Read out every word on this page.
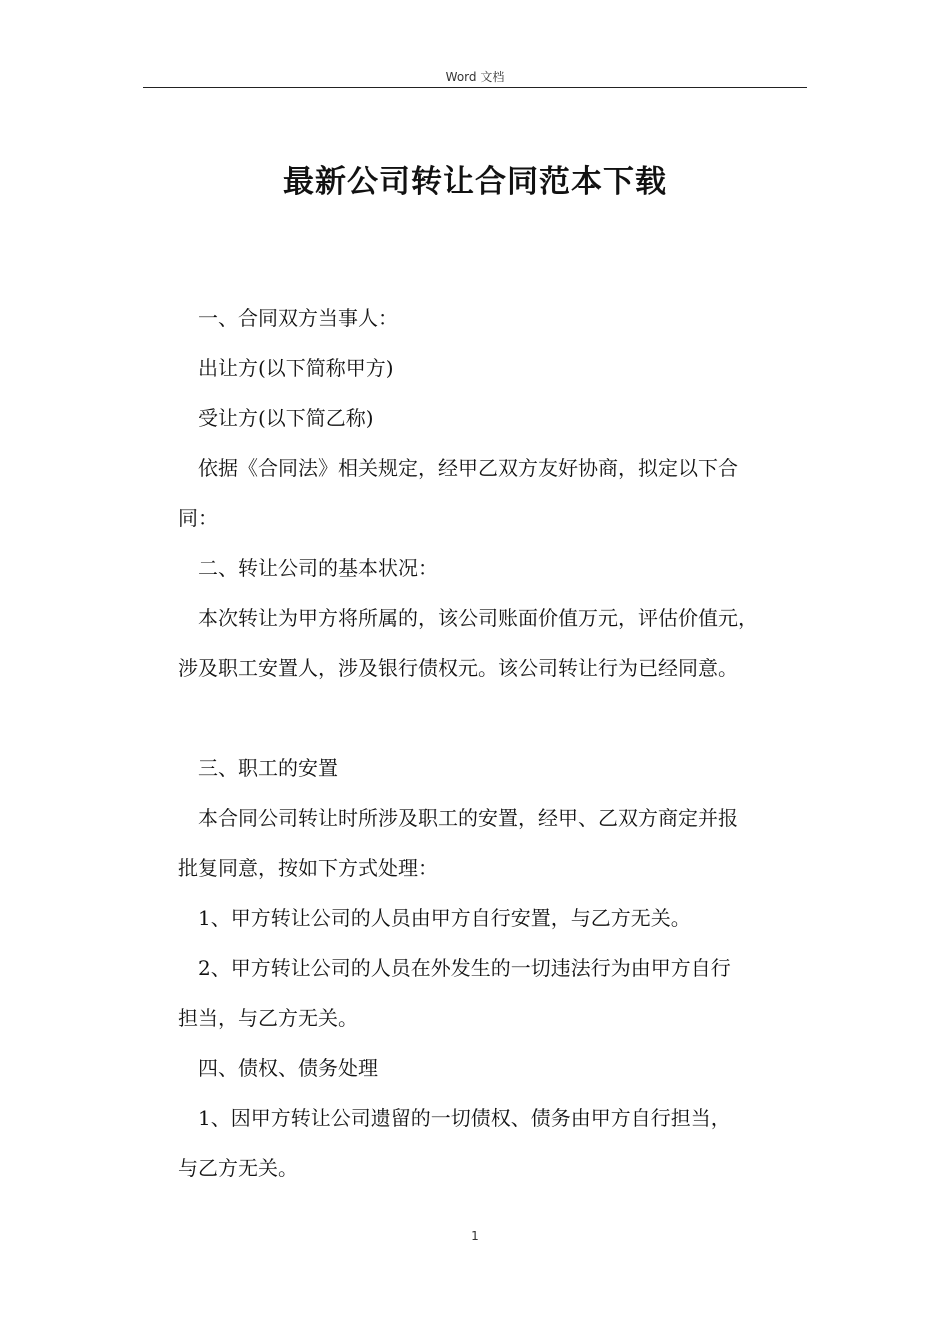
Word 文档
最新公司转让合同范本下载

一、合同双方当事人：

出让方(以下简称甲方)

受让方(以下简乙称)

依据《合同法》相关规定，经甲乙双方友好协商，拟定以下合

同：

二、转让公司的基本状况：

本次转让为甲方将所属的，该公司账面价值万元，评估价值元，

涉及职工安置人，涉及银行债权元。该公司转让行为已经同意。

三、职工的安置

本合同公司转让时所涉及职工的安置，经甲、乙双方商定并报

批复同意，按如下方式处理：

1、甲方转让公司的人员由甲方自行安置，与乙方无关。

2、甲方转让公司的人员在外发生的一切违法行为由甲方自行

担当，与乙方无关。

四、债权、债务处理

1、因甲方转让公司遗留的一切债权、债务由甲方自行担当，

与乙方无关。

1
